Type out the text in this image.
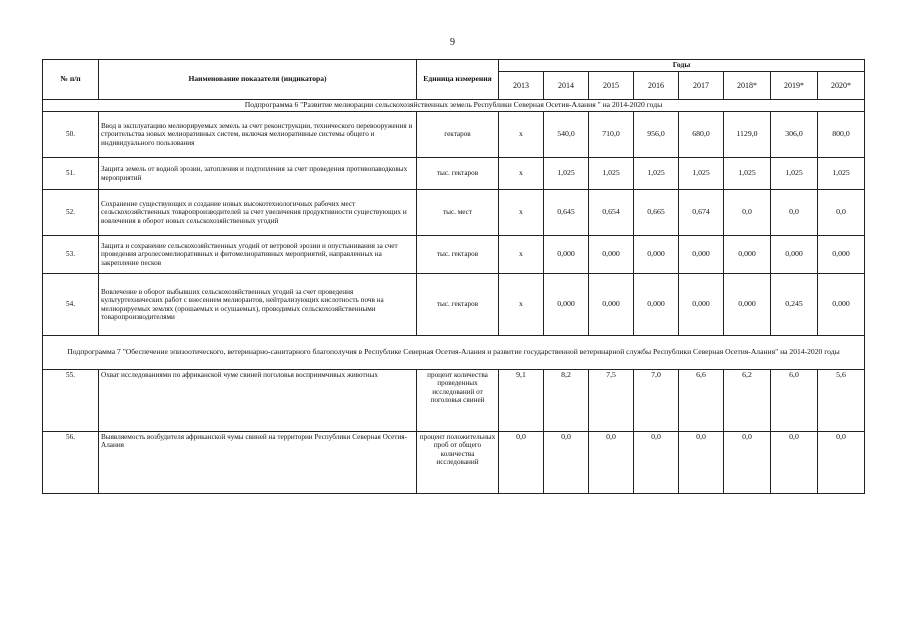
9
№ п/п	Наименование показателя (индикатора)	Единица измерения	Годы							
			2013	2014	2015	2016	2017	2018*	2019*	2020*
Подпрограмма 6 "Развитие мелиорации сельскохозяйственных земель Республики Северная Осетия-Алания " на 2014-2020 годы										
50.	Ввод в эксплуатацию мелиорируемых земель за счет реконструкции, технического перевооружения и строительства новых мелиоративных систем, включая мелиоративные системы общего и индивидуального пользования	гектаров	х	540,0	710,0	956,0	680,0	1129,0	306,0	800,0
51.	Защита земель от водной эрозии, затопления и подтопления за счет проведения противопаводковых мероприятий	тыс. гектаров	х	1,025	1,025	1,025	1,025	1,025	1,025	1,025
52.	Сохранение существующих и создание новых высокотехнологичных рабочих мест сельскохозяйственных товаропроизводителей за счет увеличения продуктивности существующих и вовлечения в оборот новых сельскохозяйственных угодий	тыс. мест	х	0,645	0,654	0,665	0,674	0,0	0,0	0,0
53.	Защита и сохранение сельскохозяйственных угодий от ветровой эрозии и опустынивания за счет проведения агролесомелиоративных и фитомелиоративных мероприятий, направленных на закрепление песков	тыс. гектаров	х	0,000	0,000	0,000	0,000	0,000	0,000	0,000
54.	Вовлечение в оборот выбывших сельскохозяйственных угодий за счет проведения культуртехнических работ с внесением мелиорантов, нейтрализующих кислотность почв на мелиорируемых землях (орошаемых и осушаемых), проводимых сельскохозяйственными товаропроизводителями	тыс. гектаров	х	0,000	0,000	0,000	0,000	0,000	0,245	0,000
Подпрограмма 7 "Обеспечение эпизоотического, ветеринарно-санитарного благополучия в Республике Северная Осетия-Алания и развитие государственной ветеринарной службы Республики Северная Осетия-Алания" на 2014-2020 годы										
55.	Охват исследованиями по африканской чуме свиней поголовья восприимчивых животных	процент количества проведенных исследований от поголовья свиней	9,1	8,2	7,5	7,0	6,6	6,2	6,0	5,6
56.	Выявляемость возбудителя африканской чумы свиней на территории Республики Северная Осетия-Алания	процент положительных проб от общего количества исследований	0,0	0,0	0,0	0,0	0,0	0,0	0,0	0,0
